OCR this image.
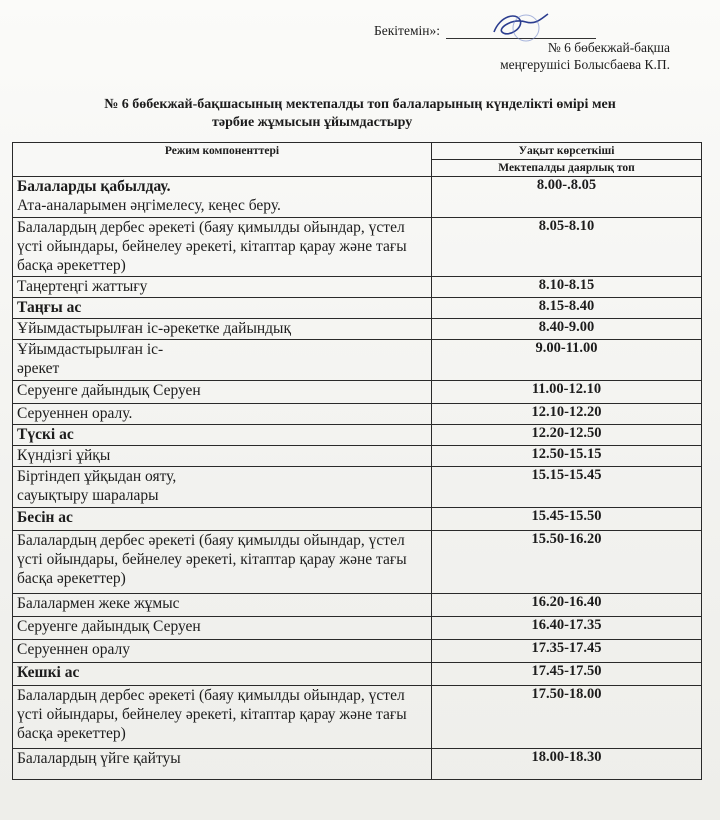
Бекітемін»:
№ 6 бөбекжай-бақша
меңгерушісі Болысбаева К.П.
№ 6 бөбекжай-бақшасының мектепалды топ балаларының күнделікті өмірі мен
тәрбие жұмысын ұйымдастыру
Режим компоненттері	Уақыт көрсеткіші
	Мектепалды даярлық топ
Балаларды қабылдау.
Ата-аналарымен әңгімелесу, кеңес беру.	8.00-.8.05
Балалардың дербес әрекеті (баяу қимылды ойындар, үстел үсті ойындары, бейнелеу әрекеті, кітаптар қарау және тағы басқа әрекеттер)	8.05-8.10
Таңертеңгі жаттығу	8.10-8.15
Таңғы ас	8.15-8.40
Ұйымдастырылған іс-әрекетке дайындық	8.40-9.00
Ұйымдастырылған іс-
әрекет	9.00-11.00
Серуенге дайындық Серуен	11.00-12.10
Серуеннен оралу.	12.10-12.20
Түскі ас	12.20-12.50
Күндізгі ұйқы	12.50-15.15
Біртіндеп ұйқыдан ояту,
сауықтыру шаралары	15.15-15.45
Бесін ас	15.45-15.50
Балалардың дербес әрекеті (баяу қимылды ойындар, үстел үсті ойындары, бейнелеу әрекеті, кітаптар қарау және тағы басқа әрекеттер)	15.50-16.20
Балалармен жеке жұмыс	16.20-16.40
Серуенге дайындық Серуен	16.40-17.35
Серуеннен оралу	17.35-17.45
Кешкі ас	17.45-17.50
Балалардың дербес әрекеті (баяу қимылды ойындар, үстел үсті ойындары, бейнелеу әрекеті, кітаптар қарау және тағы басқа әрекеттер)	17.50-18.00
Балалардың үйге қайтуы	18.00-18.30
